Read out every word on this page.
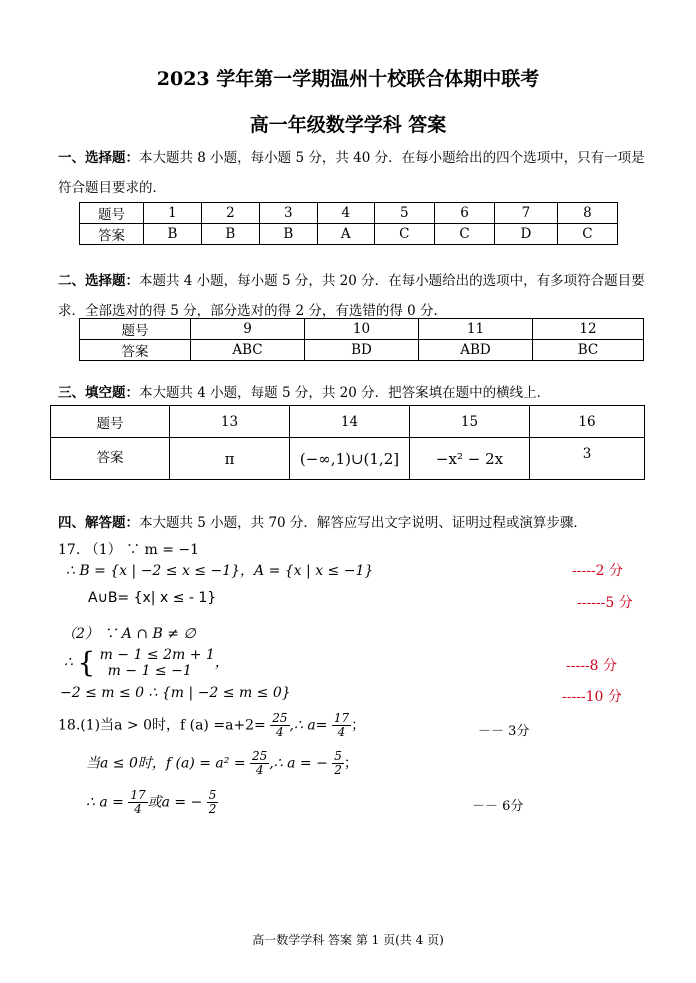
2023 学年第一学期温州十校联合体期中联考
高一年级数学学科 答案
一、选择题：本大题共 8 小题，每小题 5 分，共 40 分．在每小题给出的四个选项中，只有一项是符合题目要求的．
题号	1	2	3	4	5	6	7	8
答案	B	B	B	A	C	C	D	C
二、选择题：本题共 4 小题，每小题 5 分，共 20 分．在每小题给出的选项中，有多项符合题目要求．全部选对的得 5 分，部分选对的得 2 分，有选错的得 0 分．
题号	9	10	11	12
答案	ABC	BD	ABD	BC
三、填空题：本大题共 4 小题，每题 5 分，共 20 分．把答案填在题中的横线上．
题号	13	14	15	16
答案	π	(−∞,1)∪(1,2]	−x² − 2x	3
四、解答题：本大题共 5 小题，共 70 分．解答应写出文字说明、证明过程或演算步骤．
17. （1） ∵ m = −1
∴ B = {x | −2 ≤ x ≤ −1}，A = {x | x ≤ −1}	-----2 分
A∪B= {x| x ≤ - 1}	------5 分
（2） ∵ A ∩ B ≠ ∅
∴ { m − 1 ≤ 2m + 1
m − 1 ≤ −1	，	-----8 分
−2 ≤ m ≤ 0 ∴ {m | −2 ≤ m ≤ 0}	-----10 分
18.(1)当a > 0时，f $(a) =a+2= \frac{25}{4}$ ,∴ $a= \frac{17}{4}$ ；	－－ 3分
当a ≤ 0时，f $(a) = a^2 = \frac{25}{4}$ ,∴ a = − $\frac{5}{2}$ ；
∴ $a = \frac{17}{4}$ 或a = − $\frac{5}{2}$	－－ 6分
高一数学学科 答案 第 1 页(共 4 页)
